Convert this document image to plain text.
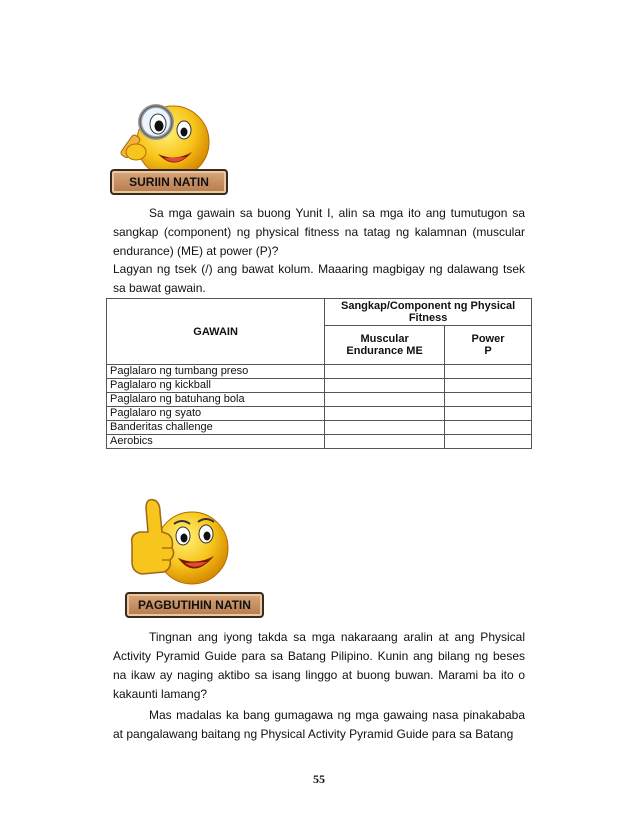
SURIIN NATIN
Sa mga gawain sa buong Yunit I, alin sa mga ito ang tumutugon sa sangkap (component) ng physical fitness na tatag ng kalamnan (muscular endurance) (ME) at power (P)?
Lagyan ng tsek (/) ang bawat kolum. Maaaring magbigay ng dalawang tsek sa bawat gawain.
GAWAIN	Sangkap/Component ng Physical Fitness	
	Muscular Endurance ME	Power P
Paglalaro ng tumbang preso		
Paglalaro ng kickball		
Paglalaro ng batuhang bola		
Paglalaro ng syato		
Banderitas challenge		
Aerobics		
PAGBUTIHIN NATIN
Tingnan ang iyong takda sa mga nakaraang aralin at ang Physical Activity Pyramid Guide para sa Batang Pilipino. Kunin ang bilang ng beses na ikaw ay naging aktibo sa isang linggo at buong buwan. Marami ba ito o kakaunti lamang?
Mas madalas ka bang gumagawa ng mga gawaing nasa pinakababa at pangalawang baitang ng Physical Activity Pyramid Guide para sa Batang
55
